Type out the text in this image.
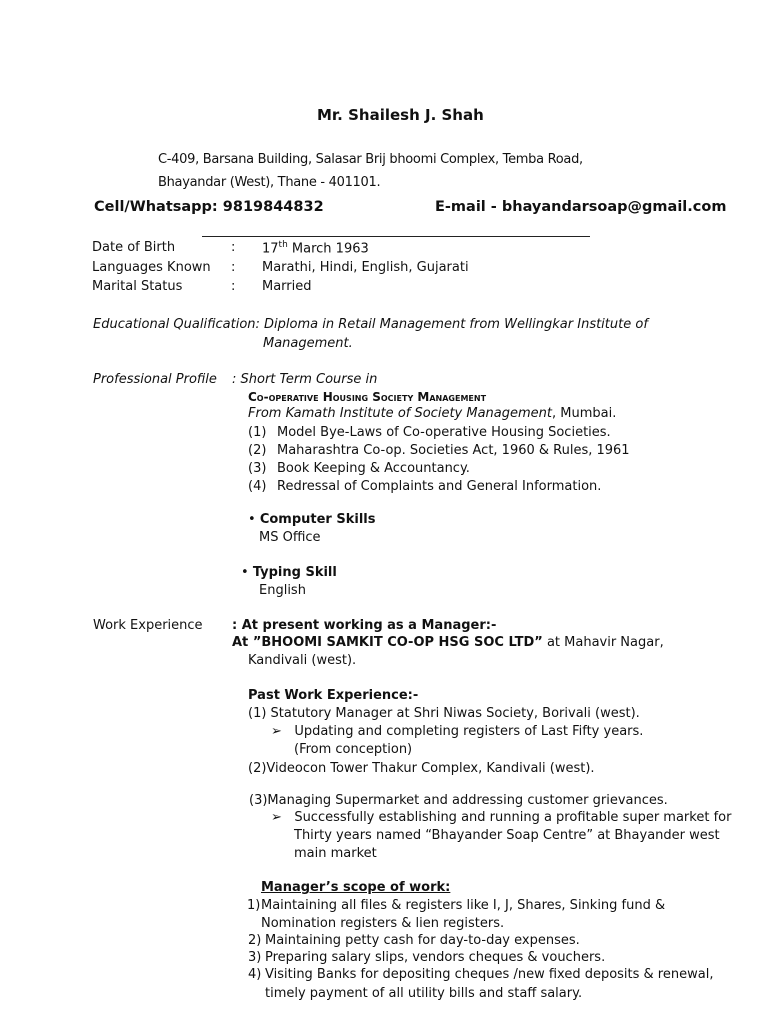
Mr. Shailesh J. Shah
C-409, Barsana Building, Salasar Brij bhoomi Complex, Temba Road,
Bhayandar (West), Thane - 401101.
Cell/Whatsapp: 9819844832	E-mail - bhayandarsoap@gmail.com
Date of Birth	: 17th March 1963
Languages Known : Marathi, Hindi, English, Gujarati
Marital Status	: Married
Educational Qualification: Diploma in Retail Management from Wellingkar Institute of
Management.
Professional Profile : Short Term Course in
Co-operative Housing Society Management
From Kamath Institute of Society Management, Mumbai.
(1) Model Bye-Laws of Co-operative Housing Societies.
(2) Maharashtra Co-op. Societies Act, 1960 & Rules, 1961
(3) Book Keeping & Accountancy.
(4) Redressal of Complaints and General Information.
• Computer Skills
MS Office
• Typing Skill
English
Work Experience : At present working as a Manager:-
At ”BHOOMI SAMKIT CO-OP HSG SOC LTD” at Mahavir Nagar,
Kandivali (west).
Past Work Experience:-
(1) Statutory Manager at Shri Niwas Society, Borivali (west).
➢ Updating and completing registers of Last Fifty years.
(From conception)
(2)Videocon Tower Thakur Complex, Kandivali (west).
(3)Managing Supermarket and addressing customer grievances.
➢ Successfully establishing and running a profitable super market for
Thirty years named “Bhayander Soap Centre” at Bhayander west
main market
Manager’s scope of work:
1) Maintaining all files & registers like I, J, Shares, Sinking fund &
Nomination registers & lien registers.
2) Maintaining petty cash for day-to-day expenses.
3) Preparing salary slips, vendors cheques & vouchers.
4) Visiting Banks for depositing cheques /new fixed deposits & renewal,
timely payment of all utility bills and staff salary.
